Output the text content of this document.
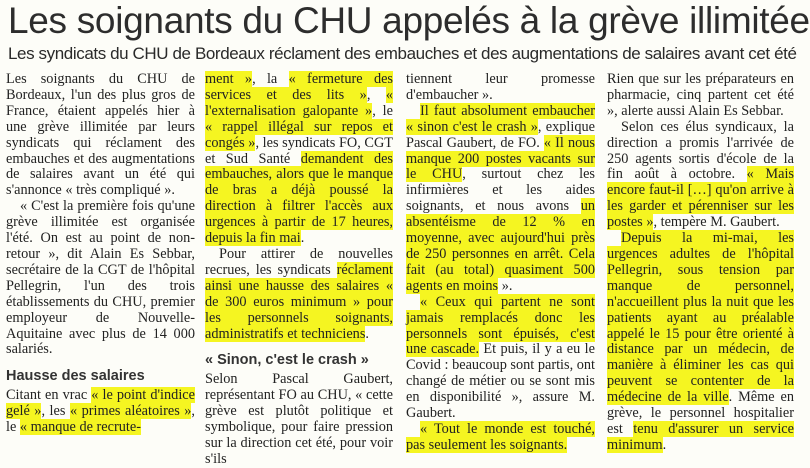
Les soignants du CHU appelés à la grève illimitée
Les syndicats du CHU de Bordeaux réclament des embauches et des augmentations de salaires avant cet été

Les soignants du CHU de Bordeaux, l'un des plus gros de France, étaient appelés hier à une grève illimitée par leurs syndicats qui réclament des embauches et des augmentations de salaires avant un été qui s'annonce « très compliqué ».

« C'est la première fois qu'une grève illimitée est organisée l'été. On est au point de non-retour », dit Alain Es Sebbar, secrétaire de la CGT de l'hôpital Pellegrin, l'un des trois établissements du CHU, premier employeur de Nouvelle-Aquitaine avec plus de 14 000 salariés.

Hausse des salaires

Citant en vrac « le point d'indice gelé », les « primes aléatoires », le « manque de recrute-

ment », la « fermeture des services et des lits », « l'externalisation galopante », le « rappel illégal sur repos et congés », les syndicats FO, CGT et Sud Santé demandent des embauches, alors que le manque de bras a déjà poussé la direction à filtrer l'accès aux urgences à partir de 17 heures, depuis la fin mai.

Pour attirer de nouvelles recrues, les syndicats réclament ainsi une hausse des salaires « de 300 euros minimum » pour les personnels soignants, administratifs et techniciens.

« Sinon, c'est le crash »

Selon Pascal Gaubert, représentant FO au CHU, « cette grève est plutôt politique et symbolique, pour faire pression sur la direction cet été, pour voir s'ils

tiennent leur promesse d'embaucher ».

Il faut absolument embaucher « sinon c'est le crash », explique Pascal Gaubert, de FO. « Il nous manque 200 postes vacants sur le CHU, surtout chez les infirmières et les aides soignants, et nous avons un absentéisme de 12 % en moyenne, avec aujourd'hui près de 250 personnes en arrêt. Cela fait (au total) quasiment 500 agents en moins ».

« Ceux qui partent ne sont jamais remplacés donc les personnels sont épuisés, c'est une cascade. Et puis, il y a eu le Covid : beaucoup sont partis, ont changé de métier ou se sont mis en disponibilité », assure M. Gaubert.

« Tout le monde est touché, pas seulement les soignants.

Rien que sur les préparateurs en pharmacie, cinq partent cet été », alerte aussi Alain Es Sebbar.

Selon ces élus syndicaux, la direction a promis l'arrivée de 250 agents sortis d'école de la fin août à octobre. « Mais encore faut-il […] qu'on arrive à les garder et pérenniser sur les postes », tempère M. Gaubert.

Depuis la mi-mai, les urgences adultes de l'hôpital Pellegrin, sous tension par manque de personnel, n'accueillent plus la nuit que les patients ayant au préalable appelé le 15 pour être orienté à distance par un médecin, de manière à éliminer les cas qui peuvent se contenter de la médecine de la ville. Même en grève, le personnel hospitalier est tenu d'assurer un service minimum.
